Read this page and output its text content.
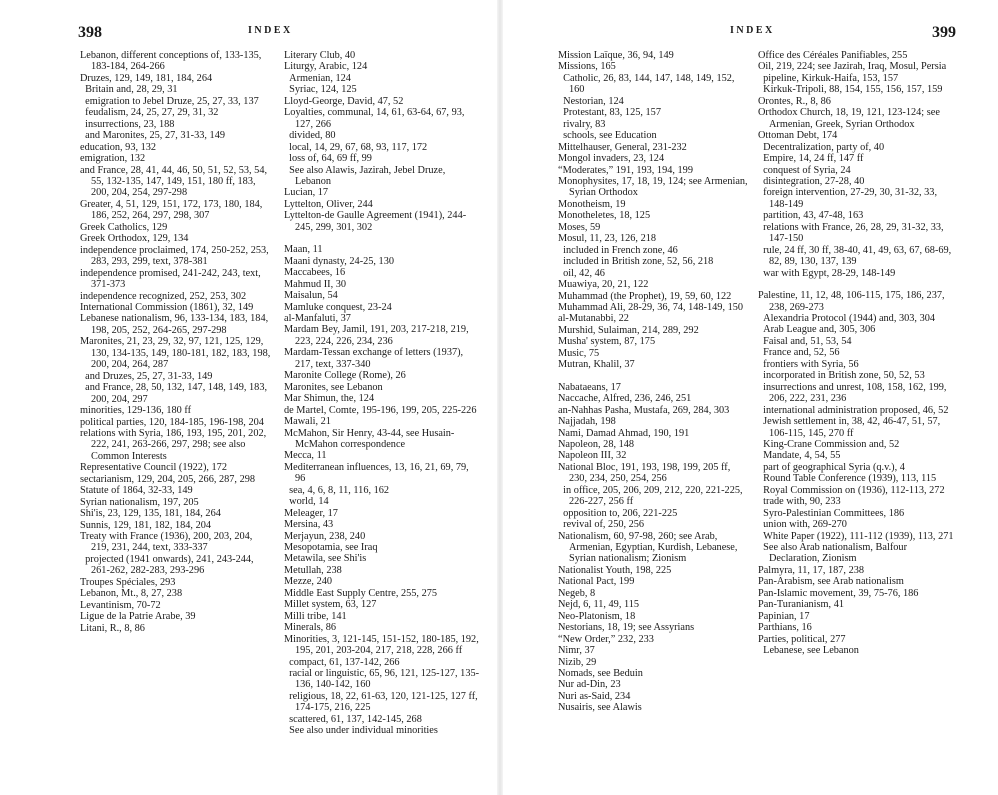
398	INDEX
Lebanon, different conceptions of, 133-135, 183-184, 264-266
Druzes, 129, 149, 181, 184, 264
Britain and, 28, 29, 31
emigration to Jebel Druze, 25, 27, 33, 137
feudalism, 24, 25, 27, 29, 31, 32
insurrections, 23, 188
and Maronites, 25, 27, 31-33, 149
education, 93, 132
emigration, 132
and France, 28, 41, 44, 46, 50, 51, 52, 53, 54, 55, 132-135, 147, 149, 151, 180 ff, 183, 200, 204, 254, 297-298
Greater, 4, 51, 129, 151, 172, 173, 180, 184, 186, 252, 264, 297, 298, 307
Greek Catholics, 129
Greek Orthodox, 129, 134
independence proclaimed, 174, 250-252, 253, 283, 293, 299, text, 378-381
independence promised, 241-242, 243, text, 371-373
independence recognized, 252, 253, 302
International Commission (1861), 32, 149
Lebanese nationalism, 96, 133-134, 183, 184, 198, 205, 252, 264-265, 297-298
Maronites, 21, 23, 29, 32, 97, 121, 125, 129, 130, 134-135, 149, 180-181, 182, 183, 198, 200, 204, 264, 287
and Druzes, 25, 27, 31-33, 149
and France, 28, 50, 132, 147, 148, 149, 183, 200, 204, 297
minorities, 129-136, 180 ff
political parties, 120, 184-185, 196-198, 204
relations with Syria, 186, 193, 195, 201, 202, 222, 241, 263-266, 297, 298; see also Common Interests
Representative Council (1922), 172
sectarianism, 129, 204, 205, 266, 287, 298
Statute of 1864, 32-33, 149
Syrian nationalism, 197, 205
Shi'is, 23, 129, 135, 181, 184, 264
Sunnis, 129, 181, 182, 184, 204
Treaty with France (1936), 200, 203, 204, 219, 231, 244, text, 333-337
projected (1941 onwards), 241, 243-244, 261-262, 282-283, 293-296
Troupes Spéciales, 293
Lebanon, Mt., 8, 27, 238
Levantinism, 70-72
Ligue de la Patrie Arabe, 39
Litani, R., 8, 86
Literary Club, 40
Liturgy, Arabic, 124
Armenian, 124
Syriac, 124, 125
Lloyd-George, David, 47, 52
Loyalties, communal, 14, 61, 63-64, 67, 93, 127, 266
divided, 80
local, 14, 29, 67, 68, 93, 117, 172
loss of, 64, 69 ff, 99
See also Alawis, Jazirah, Jebel Druze, Lebanon
Lucian, 17
Lyttelton, Oliver, 244
Lyttelton-de Gaulle Agreement (1941), 244-245, 299, 301, 302
Maan, 11
Maani dynasty, 24-25, 130
Maccabees, 16
Mahmud II, 30
Maisalun, 54
Mamluke conquest, 23-24
al-Manfaluti, 37
Mardam Bey, Jamil, 191, 203, 217-218, 219, 223, 224, 226, 234, 236
Mardam-Tessan exchange of letters (1937), 217, text, 337-340
Maronite College (Rome), 26
Maronites, see Lebanon
Mar Shimun, the, 124
de Martel, Comte, 195-196, 199, 205, 225-226
Mawali, 21
McMahon, Sir Henry, 43-44, see Husain-McMahon correspondence
Mecca, 11
Mediterranean influences, 13, 16, 21, 69, 79, 96
sea, 4, 6, 8, 11, 116, 162
world, 14
Meleager, 17
Mersina, 43
Merjayun, 238, 240
Mesopotamia, see Iraq
Metawila, see Shi'is
Metullah, 238
Mezze, 240
Middle East Supply Centre, 255, 275
Millet system, 63, 127
Milli tribe, 141
Minerals, 86
Minorities, 3, 121-145, 151-152, 180-185, 192, 195, 201, 203-204, 217, 218, 228, 266 ff
compact, 61, 137-142, 266
racial or linguistic, 65, 96, 121, 125-127, 135-136, 140-142, 160
religious, 18, 22, 61-63, 120, 121-125, 127 ff, 174-175, 216, 225
scattered, 61, 137, 142-145, 268
See also under individual minorities
INDEX	399
Mission Laïque, 36, 94, 149
Missions, 165
Catholic, 26, 83, 144, 147, 148, 149, 152, 160
Nestorian, 124
Protestant, 83, 125, 157
rivalry, 83
schools, see Education
Mittelhauser, General, 231-232
Mongol invaders, 23, 124
“Moderates,” 191, 193, 194, 199
Monophysites, 17, 18, 19, 124; see Armenian, Syrian Orthodox
Monotheism, 19
Monotheletes, 18, 125
Moses, 59
Mosul, 11, 23, 126, 218
included in French zone, 46
included in British zone, 52, 56, 218
oil, 42, 46
Muawiya, 20, 21, 122
Muhammad (the Prophet), 19, 59, 60, 122
Muhammad Ali, 28-29, 36, 74, 148-149, 150
al-Mutanabbi, 22
Murshid, Sulaiman, 214, 289, 292
Musha' system, 87, 175
Music, 75
Mutran, Khalil, 37
Nabataeans, 17
Naccache, Alfred, 236, 246, 251
an-Nahhas Pasha, Mustafa, 269, 284, 303
Najjadah, 198
Nami, Damad Ahmad, 190, 191
Napoleon, 28, 148
Napoleon III, 32
National Bloc, 191, 193, 198, 199, 205 ff, 230, 234, 250, 254, 256
in office, 205, 206, 209, 212, 220, 221-225, 226-227, 256 ff
opposition to, 206, 221-225
revival of, 250, 256
Nationalism, 60, 97-98, 260; see Arab, Armenian, Egyptian, Kurdish, Lebanese, Syrian nationalism; Zionism
Nationalist Youth, 198, 225
National Pact, 199
Negeb, 8
Nejd, 6, 11, 49, 115
Neo-Platonism, 18
Nestorians, 18, 19; see Assyrians
“New Order,” 232, 233
Nimr, 37
Nizib, 29
Nomads, see Beduin
Nur ad-Din, 23
Nuri as-Said, 234
Nusairis, see Alawis
Office des Céréales Panifiables, 255
Oil, 219, 224; see Jazirah, Iraq, Mosul, Persia
pipeline, Kirkuk-Haifa, 153, 157
Kirkuk-Tripoli, 88, 154, 155, 156, 157, 159
Orontes, R., 8, 86
Orthodox Church, 18, 19, 121, 123-124; see Armenian, Greek, Syrian Orthodox
Ottoman Debt, 174
Decentralization, party of, 40
Empire, 14, 24 ff, 147 ff
conquest of Syria, 24
disintegration, 27-28, 40
foreign intervention, 27-29, 30, 31-32, 33, 148-149
partition, 43, 47-48, 163
relations with France, 26, 28, 29, 31-32, 33, 147-150
rule, 24 ff, 30 ff, 38-40, 41, 49, 63, 67, 68-69, 82, 89, 130, 137, 139
war with Egypt, 28-29, 148-149
Palestine, 11, 12, 48, 106-115, 175, 186, 237, 238, 269-273
Alexandria Protocol (1944) and, 303, 304
Arab League and, 305, 306
Faisal and, 51, 53, 54
France and, 52, 56
frontiers with Syria, 56
incorporated in British zone, 50, 52, 53
insurrections and unrest, 108, 158, 162, 199, 206, 222, 231, 236
international administration proposed, 46, 52
Jewish settlement in, 38, 42, 46-47, 51, 57, 106-115, 145, 270 ff
King-Crane Commission and, 52
Mandate, 4, 54, 55
part of geographical Syria (q.v.), 4
Round Table Conference (1939), 113, 115
Royal Commission on (1936), 112-113, 272
trade with, 90, 233
Syro-Palestinian Committees, 186
union with, 269-270
White Paper (1922), 111-112 (1939), 113, 271
See also Arab nationalism, Balfour Declaration, Zionism
Palmyra, 11, 17, 187, 238
Pan-Arabism, see Arab nationalism
Pan-Islamic movement, 39, 75-76, 186
Pan-Turanianism, 41
Papinian, 17
Parthians, 16
Parties, political, 277
Lebanese, see Lebanon
